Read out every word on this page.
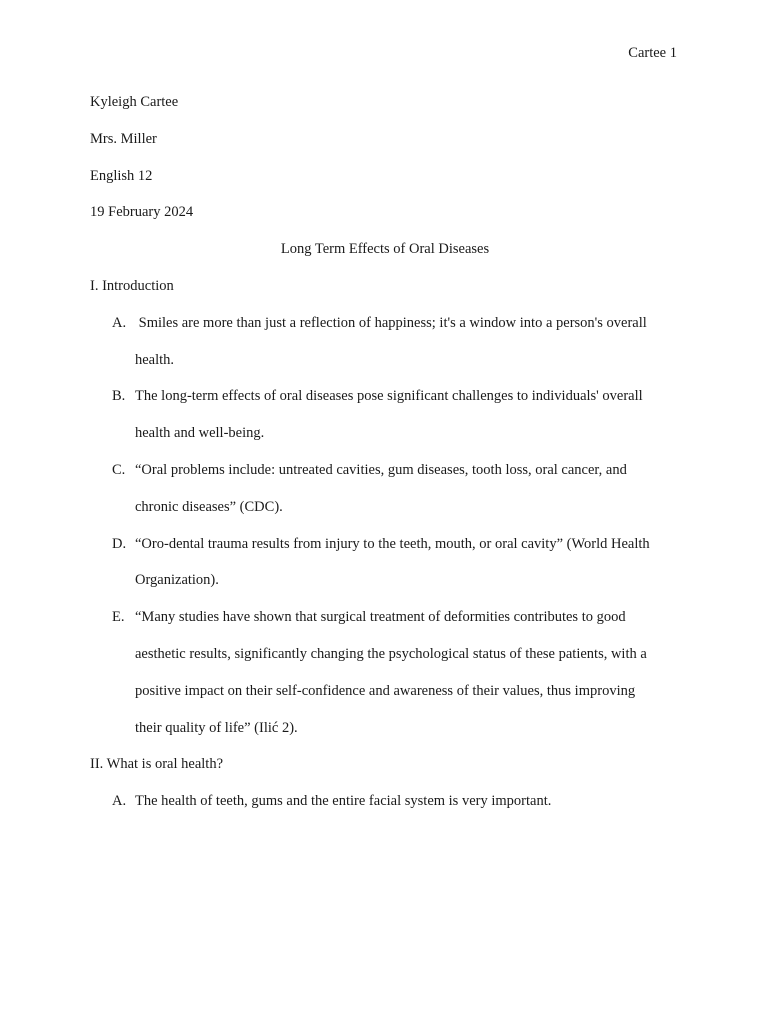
Cartee 1

Kyleigh Cartee

Mrs. Miller

English 12

19 February 2024

Long Term Effects of Oral Diseases

I. Introduction

A. Smiles are more than just a reflection of happiness; it's a window into a person's overall
health.
B. The long-term effects of oral diseases pose significant challenges to individuals' overall
health and well-being.
C. “Oral problems include: untreated cavities, gum diseases, tooth loss, oral cancer, and
chronic diseases” (CDC).
D. “Oro-dental trauma results from injury to the teeth, mouth, or oral cavity” (World Health
Organization).
E. “Many studies have shown that surgical treatment of deformities contributes to good
aesthetic results, significantly changing the psychological status of these patients, with a
positive impact on their self-confidence and awareness of their values, thus improving
their quality of life” (Ilić 2).

II. What is oral health?

A. The health of teeth, gums and the entire facial system is very important.
